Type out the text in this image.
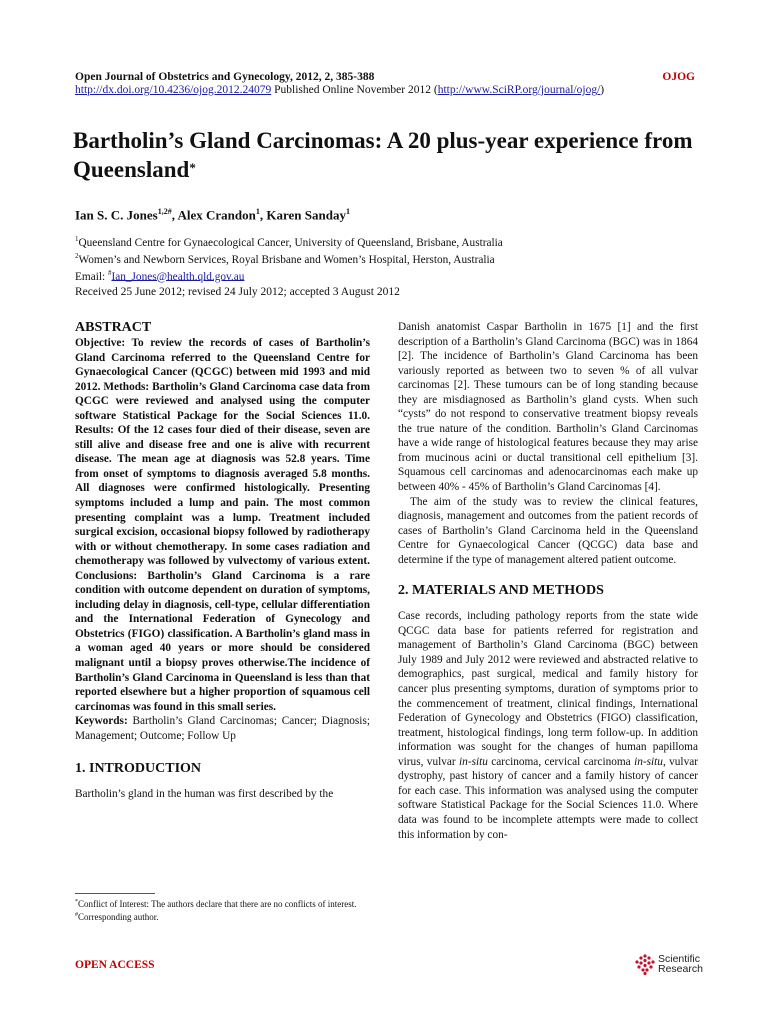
Open Journal of Obstetrics and Gynecology, 2012, 2, 385-388	OJOG
http://dx.doi.org/10.4236/ojog.2012.24079 Published Online November 2012 (http://www.SciRP.org/journal/ojog/)
Bartholin’s Gland Carcinomas: A 20 plus-year experience from Queensland*
Ian S. C. Jones$^{1,2\#}$, Alex Crandon$^1$, Karen Sanday$^1$
$^1$Queensland Centre for Gynaecological Cancer, University of Queensland, Brisbane, Australia
$^2$Women’s and Newborn Services, Royal Brisbane and Women’s Hospital, Herston, Australia
Email: #Ian_Jones@health.qld.gov.au
Received 25 June 2012; revised 24 July 2012; accepted 3 August 2012
ABSTRACT

Objective: To review the records of cases of Bartholin’s Gland Carcinoma referred to the Queensland Centre for Gynaecological Cancer (QCGC) between mid 1993 and mid 2012. Methods: Bartholin’s Gland Carcinoma case data from QCGC were reviewed and analysed using the computer software Statistical Package for the Social Sciences 11.0. Results: Of the 12 cases four died of their disease, seven are still alive and disease free and one is alive with recurrent disease. The mean age at diagnosis was 52.8 years. Time from onset of symptoms to diagnosis averaged 5.8 months. All diagnoses were confirmed histologically. Presenting symptoms included a lump and pain. The most common presenting complaint was a lump. Treatment included surgical excision, occasional biopsy followed by radiotherapy with or without chemotherapy. In some cases radiation and chemotherapy was followed by vulvectomy of various extent. Conclusions: Bartholin’s Gland Carcinoma is a rare condition with outcome dependent on duration of symptoms, including delay in diagnosis, cell-type, cellular differentiation and the International Federation of Gynecology and Obstetrics (FIGO) classification. A Bartholin’s gland mass in a woman aged 40 years or more should be considered malignant until a biopsy proves otherwise.The incidence of Bartholin’s Gland Carcinoma in Queensland is less than that reported elsewhere but a higher proportion of squamous cell carcinomas was found in this small series.

Keywords: Bartholin’s Gland Carcinomas; Cancer; Diagnosis; Management; Outcome; Follow Up

1. INTRODUCTION

Bartholin’s gland in the human was first described by the

*Conflict of Interest: The authors declare that there are no conflicts of interest.
#Corresponding author.

Danish anatomist Caspar Bartholin in 1675 [1] and the first description of a Bartholin’s Gland Carcinoma (BGC) was in 1864 [2]. The incidence of Bartholin’s Gland Carcinoma has been variously reported as between two to seven % of all vulvar carcinomas [2]. These tumours can be of long standing because they are misdiagnosed as Bartholin’s gland cysts. When such “cysts” do not respond to conservative treatment biopsy reveals the true nature of the condition. Bartholin’s Gland Carcinomas have a wide range of histological features because they may arise from mucinous acini or ductal transitional cell epithelium [3]. Squamous cell carcinomas and adenocarcinomas each make up between 40% - 45% of Bartholin’s Gland Carcinomas [4].

The aim of the study was to review the clinical features, diagnosis, management and outcomes from the patient records of cases of Bartholin’s Gland Carcinoma held in the Queensland Centre for Gynaecological Cancer (QCGC) data base and determine if the type of management altered patient outcome.

2. MATERIALS AND METHODS

Case records, including pathology reports from the state wide QCGC data base for patients referred for registration and management of Bartholin’s Gland Carcinoma (BGC) between July 1989 and July 2012 were reviewed and abstracted relative to demographics, past surgical, medical and family history for cancer plus presenting symptoms, duration of symptoms prior to the commencement of treatment, clinical findings, International Federation of Gynecology and Obstetrics (FIGO) classification, treatment, histological findings, long term follow-up. In addition information was sought for the changes of human papilloma virus, vulvar in-situ carcinoma, cervical carcinoma in-situ, vulvar dystrophy, past history of cancer and a family history of cancer for each case. This information was analysed using the computer software Statistical Package for the Social Sciences 11.0. Where data was found to be incomplete attempts were made to collect this information by con-

OPEN ACCESS	Scientific
Research
